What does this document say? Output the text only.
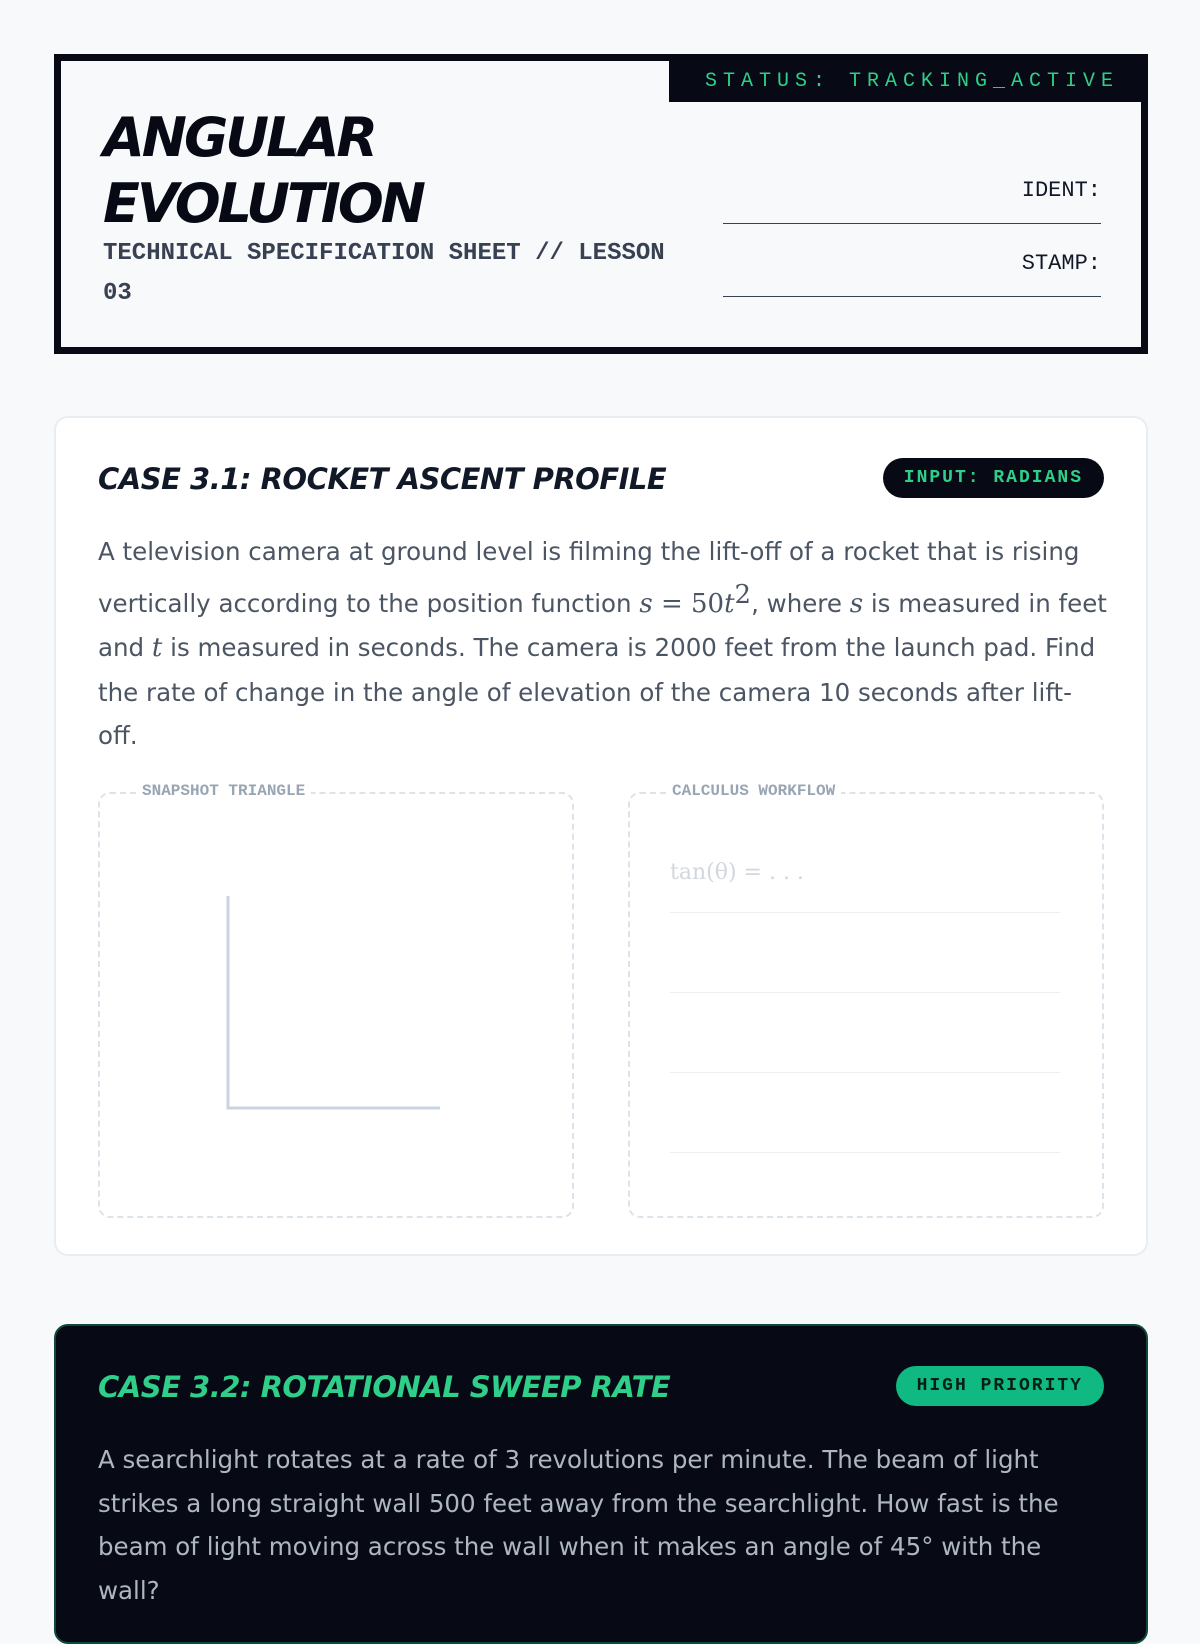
STATUS: TRACKING_ACTIVE
ANGULAR
EVOLUTION
TECHNICAL SPECIFICATION SHEET // LESSON 03
IDENT:
STAMP:
CASE 3.1: ROCKET ASCENT PROFILE	INPUT: RADIANS

A television camera at ground level is filming the lift-off of a rocket that is rising vertically according to the position function $s = 50t^2$, where s is measured in feet and t is measured in seconds. The camera is 2000 feet from the launch pad. Find the rate of change in the angle of elevation of the camera 10 seconds after lift-off.

SNAPSHOT TRIANGLE	CALCULUS WORKFLOW
tan(θ) = . . .
CASE 3.2: ROTATIONAL SWEEP RATE	HIGH PRIORITY

A searchlight rotates at a rate of 3 revolutions per minute. The beam of light strikes a long straight wall 500 feet away from the searchlight. How fast is the beam of light moving across the wall when it makes an angle of 45° with the wall?
